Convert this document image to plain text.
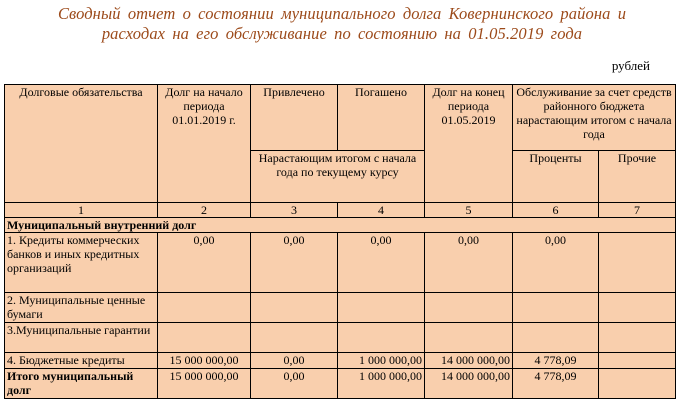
Сводный отчет о состоянии муниципального долга Ковернинского района и
расходах на его обслуживание по состоянию на 01.05.2019 года
рублей
Долговые обязательства	Долг на начало периода 01.01.2019 г.	Привлечено	Погашено	Долг на конец периода 01.05.2019	Обслуживание за счет средств районного бюджета нарастающим итогом с начала года	
		Нарастающим итогом с начала года по текущему курсу			Проценты	Прочие
1	2	3	4	5	6	7
Муниципальный внутренний долг						
1. Кредиты коммерческих банков и иных кредитных организаций	0,00	0,00	0,00	0,00	0,00	
2. Муниципальные ценные бумаги						
3.Муниципальные гарантии						
4. Бюджетные кредиты	15 000 000,00	0,00	1 000 000,00	14 000 000,00	4 778,09	
Итого муниципальный долг	15 000 000,00	0,00	1 000 000,00	14 000 000,00	4 778,09	
